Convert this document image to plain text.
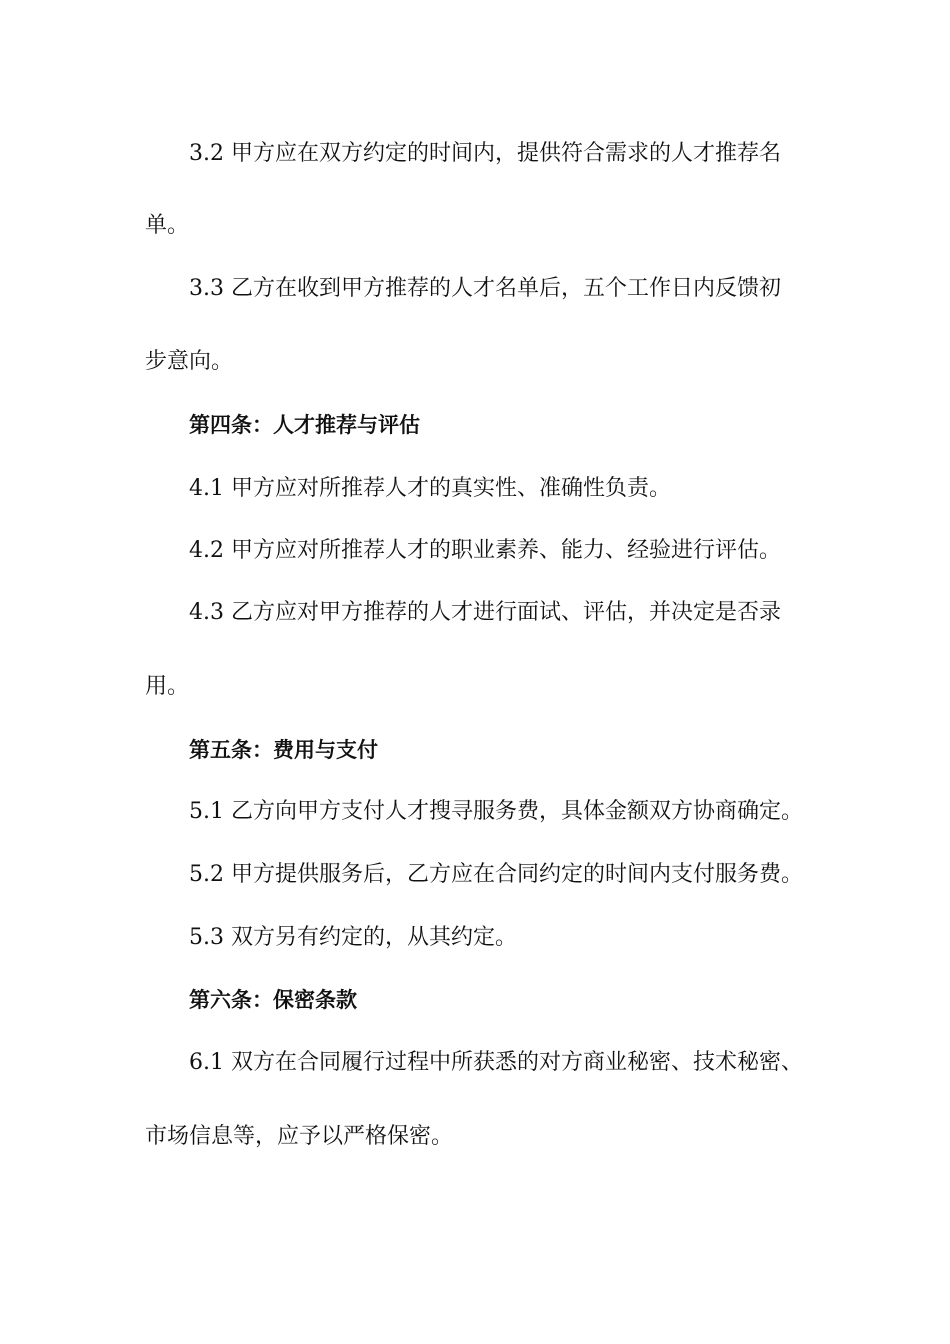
3.2 甲方应在双方约定的时间内，提供符合需求的人才推荐名
单。
3.3 乙方在收到甲方推荐的人才名单后，五个工作日内反馈初
步意向。
第四条：人才推荐与评估
4.1 甲方应对所推荐人才的真实性、准确性负责。
4.2 甲方应对所推荐人才的职业素养、能力、经验进行评估。
4.3 乙方应对甲方推荐的人才进行面试、评估，并决定是否录
用。
第五条：费用与支付
5.1 乙方向甲方支付人才搜寻服务费，具体金额双方协商确定。
5.2 甲方提供服务后，乙方应在合同约定的时间内支付服务费。
5.3 双方另有约定的，从其约定。
第六条：保密条款
6.1 双方在合同履行过程中所获悉的对方商业秘密、技术秘密、
市场信息等，应予以严格保密。
